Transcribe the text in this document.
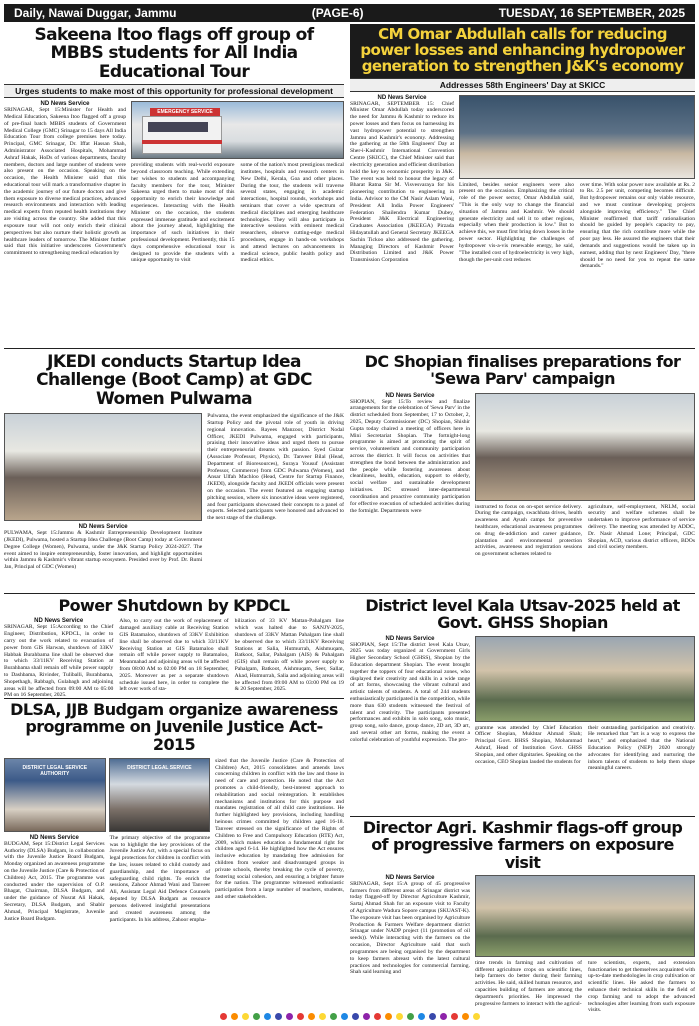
Daily, Nawai Duggar, Jammu	(PAGE-6)	TUESDAY, 16 SEPTEMBER, 2025
Sakeena Itoo flags off group of MBBS students for All India Educational Tour
Urges students to make most of this opportunity for professional development
ND News Service
SRINAGAR, Sept 15:Minister for Health and Medical Education, Sakeena Itoo flagged off a group of pre-final batch MBBS students of Government Medical College (GMC) Srinagar to 15 days All India Education Tour from college premises here today. Principal, GMC Srinagar, Dr. Iffat Hassan Shah, Administrator Associated Hospitals, Mohammad Ashraf Hakak, HoDs of various departments, faculty members, doctors and large number of students were also present on the occasion. Speaking on the occasion, the Health Minister said that this educational tour will mark a transformative chapter in the academic journey of our future doctors and give them exposure to diverse medical practices, advanced research environments and interaction with leading medical experts from reputed health institutions they are visiting across the country. She added that this exposure tour will not only enrich their clinical perspectives but also nurture their holistic growth as healthcare leaders of tomorrow. The Minister further said that this initiative underscores Government's commitment to strengthening medical education by
EMERGENCY SERVICE
providing students with real-world exposure beyond classroom teaching. While extending her wishes to students and accompanying faculty members for the tour, Minister Sakeena urged them to make most of this opportunity to enrich their knowledge and experiences. Interacting with the Health Minister on the occasion, the students expressed immense gratitude and excitement about the journey ahead, highlighting the importance of such initiatives in their professional development. Pertinently, this 15 days comprehensive educational tour is designed to provide the students with a unique opportunity to visit
some of the nation's most prestigious medical institutes, hospitals and research centers in New Delhi, Kerala, Goa and other places. During the tour, the students will traverse several states, engaging in academic interactions, hospital rounds, workshops and seminars that cover a wide spectrum of medical disciplines and emerging healthcare technologies. They will also participate in interactive sessions with eminent medical researchers, observe cutting-edge medical procedures, engage in hands-on workshops and attend lectures on advancements in medical science, public health policy and medical ethics.
CM Omar Abdullah calls for reducing power losses and enhancing hydropower generation to strengthen J&K's economy
Addresses 58th Engineers' Day at SKICC
ND News Service
SRINAGAR, SEPTEMBER 15: Chief Minister Omar Abdullah today underscored the need for Jammu & Kashmir to reduce its power losses and then focus on harnessing its vast hydropower potential to strengthen Jammu and Kashmir's economy. Addressing the gathering at the 58th Engineers' Day at Sher-i-Kashmir International Convention Centre (SKICC), the Chief Minister said that electricity generation and efficient distribution hold the key to economic prosperity in J&K. The event was held to honour the legacy of Bharat Ratna Sir M. Visvesvaraya for his pioneering contribution to engineering in India. Advisor to the CM Nasir Aslam Wani, President All India Power Engineers' Federation Shailendra Kumar Dubey, President J&K Electrical Engineering Graduates Association (JKEEGA) Pirzada Hidayatullah and General Secretary JKEEGA Sachin Tickoo also addressed the gathering. Managing Directors of Kashmir Power Distribution Limited and J&K Power Transmission Corporation
Limited, besides senior engineers were also present on the occasion. Emphasizing the critical role of the power sector, Omar Abdullah said, "This is the only way to change the financial situation of Jammu and Kashmir. We should generate electricity and sell it to other regions, especially when their production is low." But to achieve this, we must first bring down losses in the power sector. Highlighting the challenges of hydropower vis-a-vis renewable energy, he said, "The installed cost of hydroelectricity is very high, though the per-unit cost reduces
over time. With solar power now available at Rs. 2 to Rs. 2.5 per unit, competing becomes difficult. But hydropower remains our only viable resource, and we must continue developing projects alongside improving efficiency." The Chief Minister reaffirmed that tariff rationalisation should be guided by people's capacity to pay, ensuring that the rich contribute more while the poor pay less. He assured the engineers that their demands and suggestions would be taken up in earnest, adding that by next Engineers' Day, "there should be no need for you to repeat the same demands."
JKEDI conducts Startup Idea Challenge (Boot Camp) at GDC Women Pulwama
ND News Service
PULWAMA, Sept 15:Jammu & Kashmir Entrepreneurship Development Institute (JKEDI), Pulwama, hosted a Startup Idea Challenge (Boot Camp) today at Government Degree College (Women), Pulwama, under the J&K Startup Policy 2024-2027. The event aimed to inspire entrepreneurship, foster innovation, and highlight opportunities within Jammu & Kashmir's vibrant startup ecosystem. Presided over by Prof. Dr. Rumi Jan, Principal of GDC (Women)
Pulwama, the event emphasized the significance of the J&K Startup Policy and the pivotal role of youth in driving regional innovation. Rayees Manzoor, District Nodal Officer, JKEDI Pulwama, engaged with participants, praising their innovative ideas and urged them to pursue their entrepreneurial dreams with passion. Syed Gulzar (Associate Professor, Physics), Dr. Tanveer Bilal (Head, Department of Bioresources), Suraya Yousuf (Assistant Professor, Commerce) from GDC Pulwama (Women), and Ansar Ulfah Machloo (Head, Centre for Startup Finance, JKEDI), alongside faculty and JKEDI officials were present on the occasion. The event featured an engaging startup pitching session, where six innovative ideas were registered, and four participants showcased their concepts to a panel of experts. Selected participants were honored and advanced to the next stage of the challenge.
DC Shopian finalises preparations for 'Sewa Parv' campaign
ND News Service
SHOPIAN, Sept 15:To review and finalize arrangements for the celebration of 'Sewa Parv' in the district scheduled from September, 17 to October, 2, 2025, Deputy Commissioner (DC) Shopian, Shishir Gupta today chaired a meeting of officers here in Mini Secretariat Shopian. The fortnight-long programme is aimed at promoting the spirit of service, volunteerism and community participation across the district. It will focus on activities that strengthen the bond between the administration and the people while fostering awareness about cleanliness, health, education, support to elderly, social welfare and sustainable development initiatives. DC stressed inter-departmental coordination and proactive community participation for effective execution of scheduled activities during the fortnight. Departments were
instructed to focus on on-spot service delivery. During the campaign, swachhata drives, health awareness and Ayush camps for preventive healthcare, educational awareness programmes on drug de-addiction and career guidance, plantation and environmental protection activities, awareness and registration sessions on government schemes related to
agriculture, self-employment, NRLM, social security and welfare schemes shall be undertaken to improve performance of service delivery. The meeting was attended by ADDC, Dr. Nasir Ahmad Lone; Principal, GDC Shopian, ACD, various district officers, BDOs and civil society members.
Power Shutdown by KPDCL
ND News Service
SRINAGAR, Sept 15:According to the Chief Engineer, Distribution, KPDCL, in order to carry out the work related to evacuation of power from GIS Harwan, shutdown of 33KV Habbak Burahbama line shall be observed due to which 33/11KV Receiving Station at Burahbama shall remain off while power supply to Dashbama, Rivinder, Tuliballi, Burahbama, Shopethagh, Rabbagh, Gulabagh and adjoining areas will be affected from 09:00 AM to 05:00 PM on 16 September, 2025.
Also, to carry out the work of replacement of damaged auxiliary cable at Receiving Station GIS Batamaloo, shutdown of 33KV Exhibition line shall be observed due to which 33/11KV Receiving Station at GIS Batamaloo shall remain off while power supply to Batamaloo, Meanmahad and adjoining areas will be affected from 08:00 AM to 02:00 PM on 18 September, 2025. Moreover as per a separate shutdown schedule issued here, in order to complete the left over work of sta-
bilization of 33 KV Mattan-Pahalgam line which was halted due to SANJY-2025, shutdown of 33KV Mattan Pahalgam line shall be observed due to which 33/11KV Receiving Stations at Salia, Hutmurrah, Aishmuqam, Batkoot, Sallar, Pahalgam (AIS) & Pahalgam (GIS) shall remain off while power supply to Pahalgam, Batkoot, Aishmuqam, Seer, Sallar, Akad, Hutmurrah, Salia and adjoining areas will be affected from 09:00 AM to 03:00 PM on 19 & 20 September, 2025.
District level Kala Utsav-2025 held at Govt. GHSS Shopian
ND News Service
SHOPIAN, Sept 15:The district level Kala Utsav, 2025 was today organized at Government Girls Higher Secondary School (GHSS), Shopian by the Education department Shopian. The event brought together the toppers of four educational zones, who displayed their creativity and skills in a wide range of art forms, showcasing the vibrant cultural and artistic talents of students. A total of 244 students enthusiastically participated in the competition, while more than 630 students witnessed the festival of talent and creativity. The participants presented performances and exhibits in solo song, solo music, group song, solo dance, group dance, 2D art, 3D art, and several other art forms, making the event a colorful celebration of youthful expression. The pro-
gramme was attended by Chief Education Officer Shopian, Mukhtar Ahmad Shah; Principal Govt. BHSS Shopian, Mohammad Ashraf, Head of Institution Govt. GHSS Shopian, and other dignitaries. Speaking on the occasion, CEO Shopian lauded the students for
their outstanding participation and creativity. He remarked that "art is a way to express the heart," and emphasized that the National Education Policy (NEP) 2020 strongly advocates for identifying and nurturing the inborn talents of students to help them shape meaningful careers.
DLSA, JJB Budgam organize awareness programme on Juvenile Justice Act-2015
DISTRICT LEGAL SERVICE AUTHORITY
DISTRICT LEGAL SERVICE
ND News Service
BUDGAM, Sept 15:District Legal Services Authority (DLSA) Budgam, in collaboration with the Juvenile Justice Board Budgam, Monday organized an awareness programme on the Juvenile Justice (Care & Protection of Children) Act, 2015. The programme was conducted under the supervision of O.P. Bhagat, Chairman, DLSA Budgam, and under the guidance of Nusrat Ali Hakak, Secretary, DLSA Budgam, and Shabir Ahmad, Principal Magistrate, Juvenile Justice Board Budgam.
The primary objective of the programme was to highlight the key provisions of the Juvenile Justice Act, with a special focus on legal protections for children in conflict with the law, issues related to child custody and guardianship, and the importance of safeguarding child rights. To enrich the sessions, Zahoor Ahmad Wani and Tanveer Ali, Assistant Legal Aid Defence Counsels deputed by DLSA Budgam as resource persons delivered insightful presentations and created awareness among the participants. In his address, Zahoor empha-
sized that the Juvenile Justice (Care & Protection of Children) Act, 2015 consolidates and amends laws concerning children in conflict with the law and those in need of care and protection. He noted that the Act promotes a child-friendly, best-interest approach to rehabilitation and social reintegration. It establishes mechanisms and institutions for this purpose and mandates registration of all child care institutions. He further highlighted key provisions, including handling heinous crimes committed by children aged 16-18. Tanveer stressed on the significance of the Rights of Children to Free and Compulsory Education (RTE) Act, 2009, which makes education a fundamental right for children aged 6-14. He highlighted how the Act ensures inclusive education by mandating free admission for children from weaker and disadvantaged groups in private schools, thereby breaking the cycle of poverty, fostering social cohesion, and ensuring a brighter future for the nation. The programme witnessed enthusiastic participation from a large number of teachers, students, and other stakeholders.
Director Agri. Kashmir flags-off group of progressive farmers on exposure visit
ND News Service
SRINAGAR, Sept 15:A group of 45 progressive farmers from different areas of Srinagar district was today flagged-off by Director Agriculture Kashmir, Sartaj Ahmad Shah for an exposure visit to Faculty of Agriculture Wadura Sopore campus (SKUAST-K). The exposure visit has been organised by Agriculture Production & Farmers Welfare department district Srinagar under NADP project (11 (promotion of oil seeds)). While interacting with the farmers on the occasion, Director Agriculture said that such programmes are being organised by the department to keep farmers abreast with the latest cultural practices and technologies for commercial farming. Shah said learning and
time trends in farming and cultivation of different agriculture crops on scientific lines, help farmers do better during their farming activities. He said, skilled human resource, and capacities building of farmers are among the department's priorities. He impressed the progressive farmers to interact with the agricul-
ture scientists, experts, and extension functionaries to get themselves acquainted with up-to-date methodologies in crop cultivation or scientific lines. He asked the farmers to enhance their technical skills in the field of crop farming and to adopt the advanced technologies after learning from such exposure visits.
